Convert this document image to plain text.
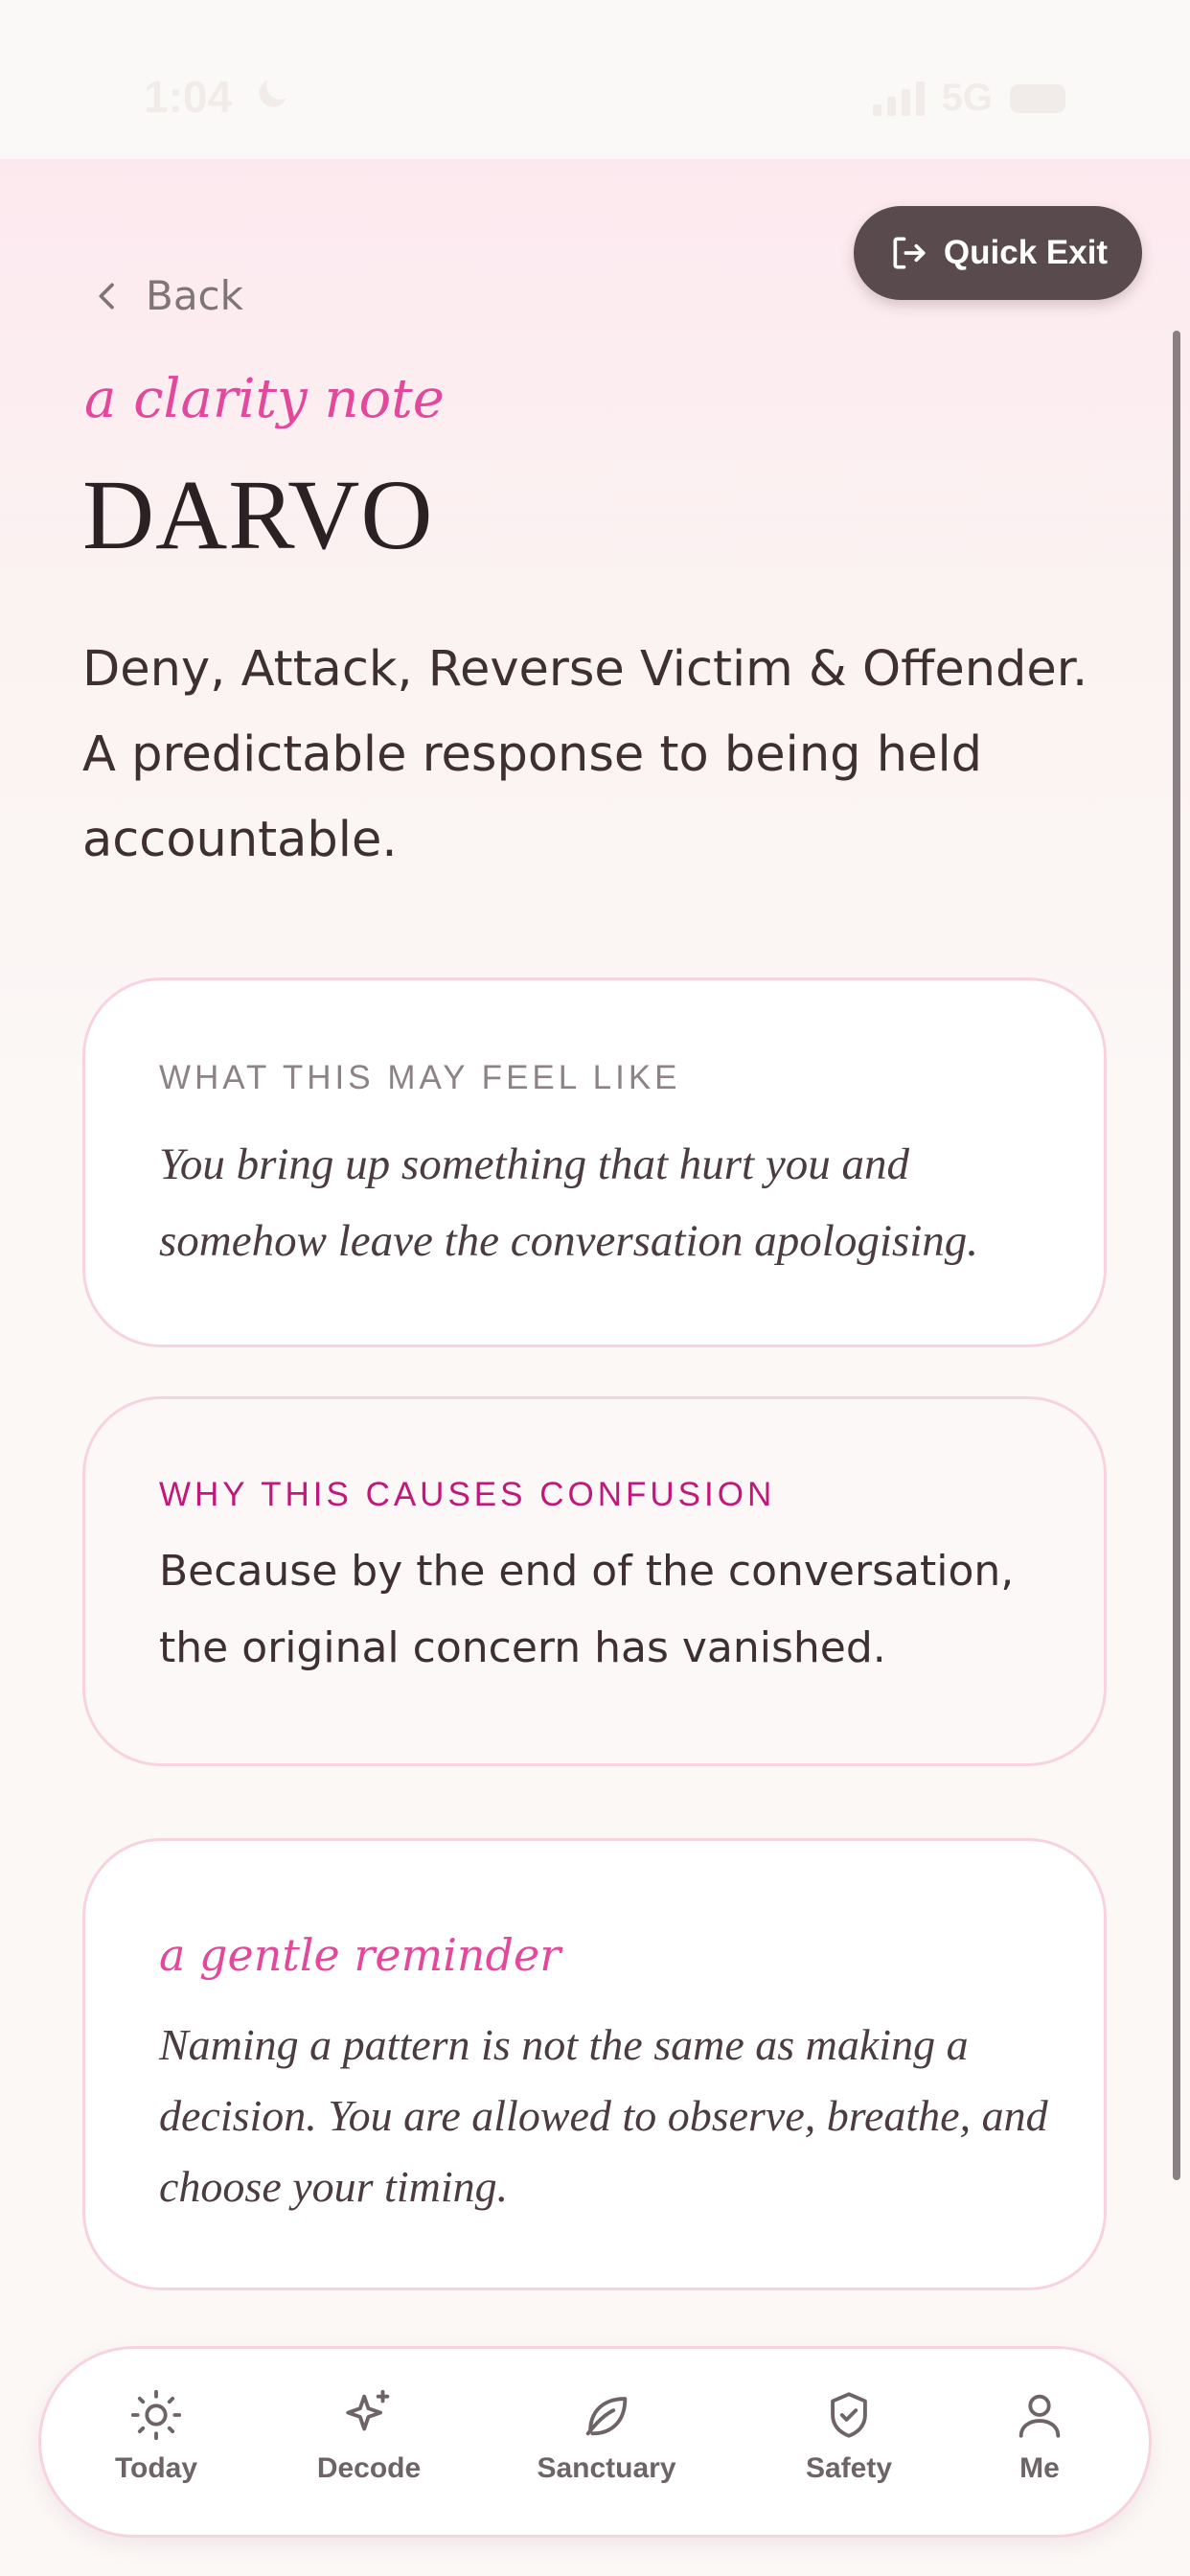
1:04	5G
Quick Exit
Back
a clarity note
DARVO
Deny, Attack, Reverse Victim & Offender. A predictable response to being held accountable.
WHAT THIS MAY FEEL LIKE
You bring up something that hurt you and somehow leave the conversation apologising.
WHY THIS CAUSES CONFUSION
Because by the end of the conversation, the original concern has vanished.
a gentle reminder
Naming a pattern is not the same as making a decision. You are allowed to observe, breathe, and choose your timing.
Today	Decode	Sanctuary	Safety	Me
